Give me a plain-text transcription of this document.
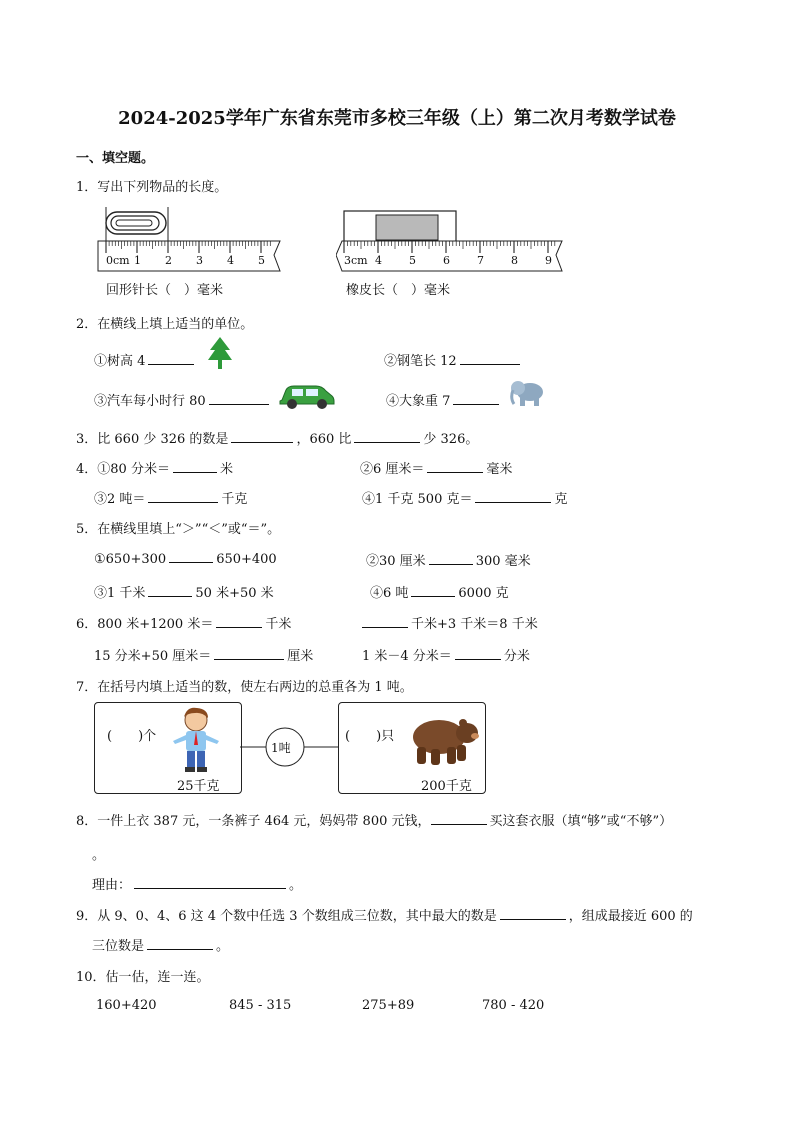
2024-2025学年广东省东莞市多校三年级（上）第二次月考数学试卷
一、填空题。
1．写出下列物品的长度。
0cm 1 2 3 4 5
回形针长（　）毫米
3cm 4 5 6 7 8 9
橡皮长（　）毫米
2．在横线上填上适当的单位。
①树高 4	②钢笔长 12
③汽车每小时行 80	④大象重 7
3．比 660 少 326 的数是	，660 比	少 326。
4．①80 分米＝	米	②6 厘米＝	毫米
③2 吨＝	千克	④1 千克 500 克＝	克
5．在横线里填上“＞”“＜”或“＝”。
①650+300	650+400	②30 厘米	300 毫米
③1 千米	50 米+50 米	④6 吨	6000 克
6．800 米+1200 米＝	千米	千米+3 千米＝8 千米
15 分米+50 厘米＝	厘米	1 米－4 分米＝	分米
7．在括号内填上适当的数，使左右两边的总重各为 1 吨。
(　　)个
25千克
1吨
(　　)只
200千克
8．一件上衣 387 元，一条裤子 464 元，妈妈带 800 元钱，	买这套衣服（填“够”或“不够”）
。
理由：	。
9．从 9、0、4、6 这 4 个数中任选 3 个数组成三位数，其中最大的数是	，组成最接近 600 的
三位数是	。
10．估一估，连一连。
160+420	845 - 315	275+89	780 - 420
